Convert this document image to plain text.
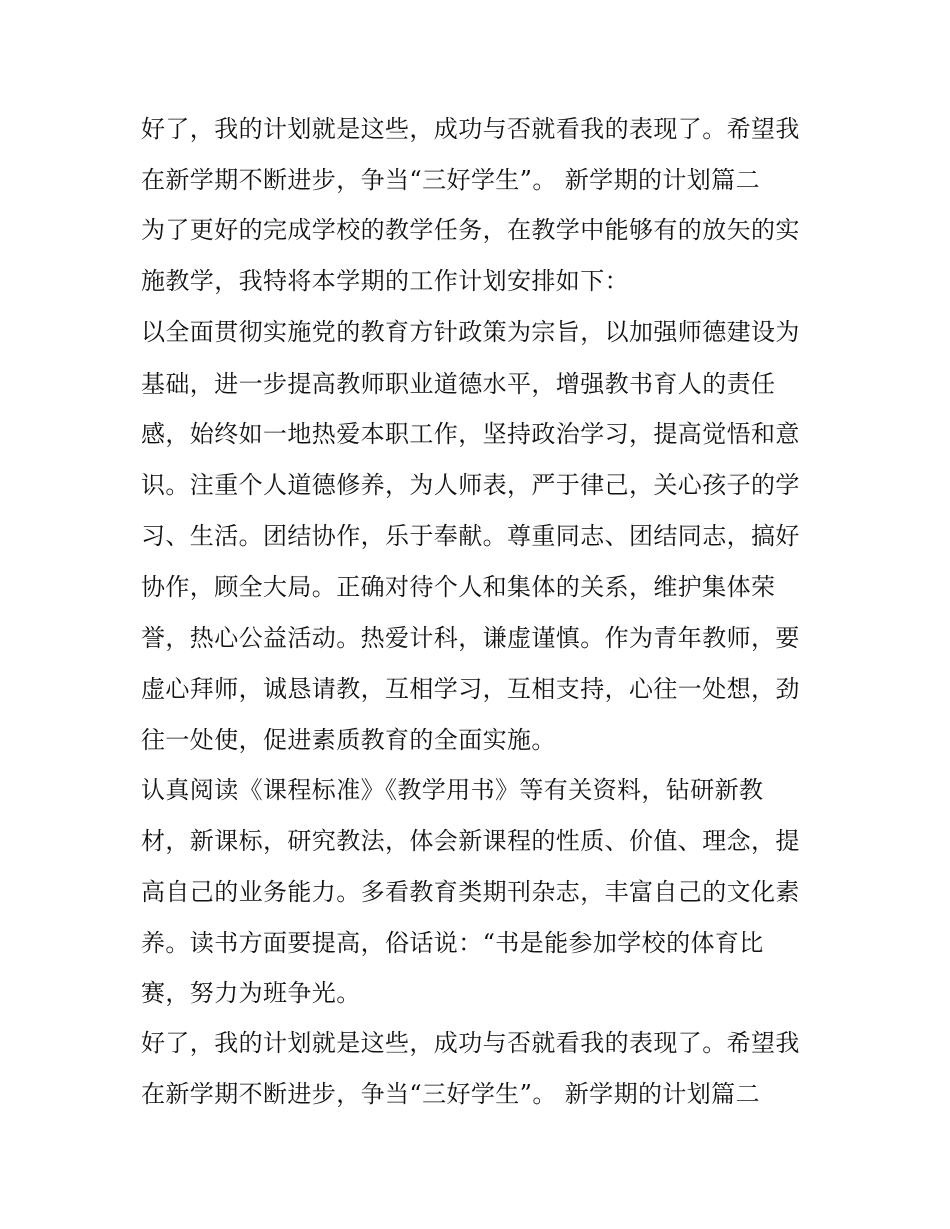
好了，我的计划就是这些，成功与否就看我的表现了。希望我
在新学期不断进步，争当“三好学生”。 新学期的计划篇二
为了更好的完成学校的教学任务，在教学中能够有的放矢的实
施教学，我特将本学期的工作计划安排如下：
以全面贯彻实施党的教育方针政策为宗旨，以加强师德建设为
基础，进一步提高教师职业道德水平，增强教书育人的责任
感，始终如一地热爱本职工作，坚持政治学习，提高觉悟和意
识。注重个人道德修养，为人师表，严于律己，关心孩子的学
习、生活。团结协作，乐于奉献。尊重同志、团结同志，搞好
协作，顾全大局。正确对待个人和集体的关系，维护集体荣
誉，热心公益活动。热爱计科，谦虚谨慎。作为青年教师，要
虚心拜师，诚恳请教，互相学习，互相支持，心往一处想，劲
往一处使，促进素质教育的全面实施。
认真阅读《课程标准》《教学用书》等有关资料，钻研新教
材，新课标，研究教法，体会新课程的性质、价值、理念，提
高自己的业务能力。多看教育类期刊杂志，丰富自己的文化素
养。读书方面要提高，俗话说：“书是能参加学校的体育比
赛，努力为班争光。
好了，我的计划就是这些，成功与否就看我的表现了。希望我
在新学期不断进步，争当“三好学生”。 新学期的计划篇二
